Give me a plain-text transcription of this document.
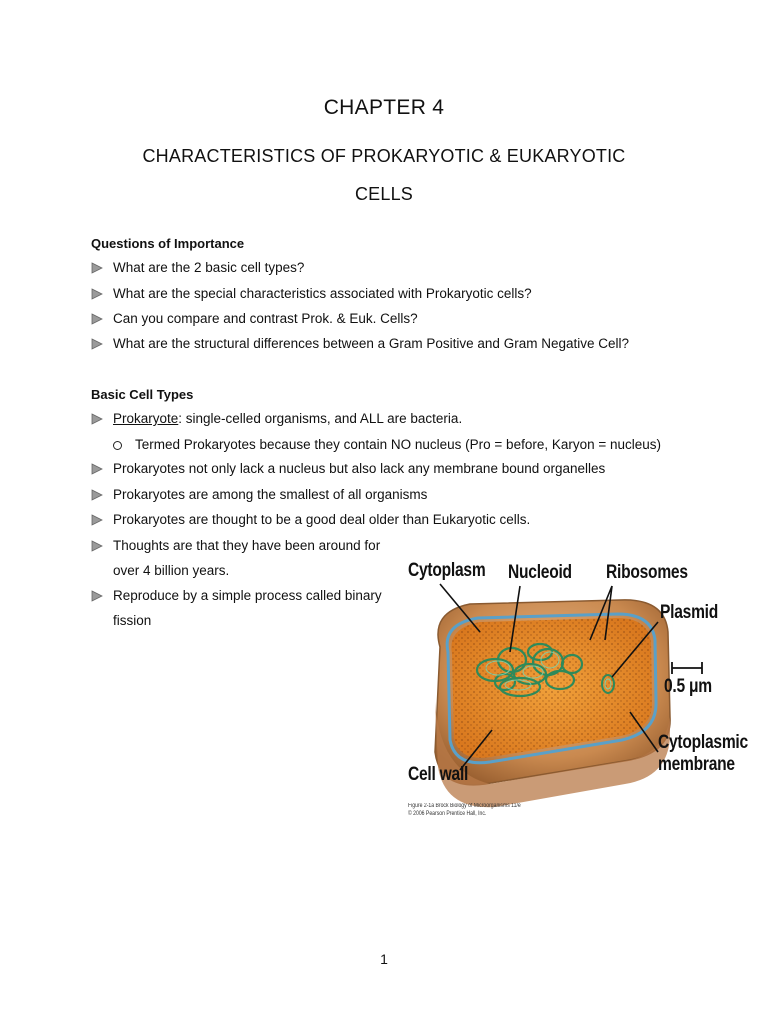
CHAPTER 4
CHARACTERISTICS OF PROKARYOTIC & EUKARYOTIC
CELLS
Questions of Importance
What are the 2 basic cell types?
What are the special characteristics associated with Prokaryotic cells?
Can you compare and contrast Prok. & Euk. Cells?
What are the structural differences between a Gram Positive and Gram Negative Cell?
Basic Cell Types
Prokaryote: single-celled organisms, and ALL are bacteria.
Termed Prokaryotes because they contain NO nucleus (Pro = before, Karyon = nucleus)
Prokaryotes not only lack a nucleus but also lack any membrane bound organelles
Prokaryotes are among the smallest of all organisms
Prokaryotes are thought to be a good deal older than Eukaryotic cells.
Thoughts are that they have been around for
over 4 billion years.
Reproduce by a simple process called binary
fission
Cytoplasm Nucleoid Ribosomes
Plasmid
0.5 μm
Cell wall
Cytoplasmic
membrane
Figure 2-1a Brock Biology of Microorganisms 11/e
© 2006 Pearson Prentice Hall, Inc.
1
